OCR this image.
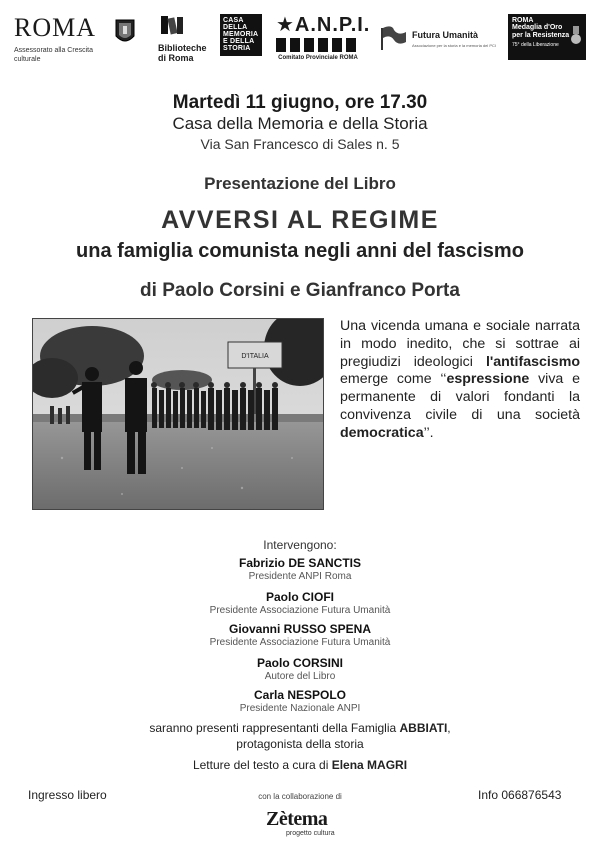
ROMA
Assessorato alla Crescita culturale
Biblioteche di Roma
CASA DELLA MEMORIA E DELLA STORIA
★A.N.P.I.
Comitato Provinciale ROMA
Futura Umanità
Associazione per la storia e la memoria del PCI
ROMA
Medaglia d'Oro per la Resistenza
75° della Liberazione
Martedì 11 giugno, ore 17.30
Casa della Memoria e della Storia
Via San Francesco di Sales n. 5
Presentazione del Libro
AVVERSI AL REGIME
una famiglia comunista negli anni del fascismo
di Paolo Corsini e Gianfranco Porta
D'ITALIA
Una vicenda umana e sociale narrata in modo inedito, che si sottrae ai pregiudizi ideologici l'antifascismo emerge come ‘‘espressione viva e permanente di valori fondanti la convivenza civile di una società democratica’’.
Intervengono:
Fabrizio DE SANCTIS
Presidente ANPI Roma
Paolo CIOFI
Presidente Associazione Futura Umanità
Giovanni RUSSO SPENA
Presidente Associazione Futura Umanità
Paolo CORSINI
Autore del Libro
Carla NESPOLO
Presidente Nazionale ANPI
saranno presenti rappresentanti della Famiglia ABBIATI,
protagonista della storia
Letture del testo a cura di Elena MAGRI
Ingresso libero	con la collaborazione di	Info 066876543
Zètema
progetto cultura
